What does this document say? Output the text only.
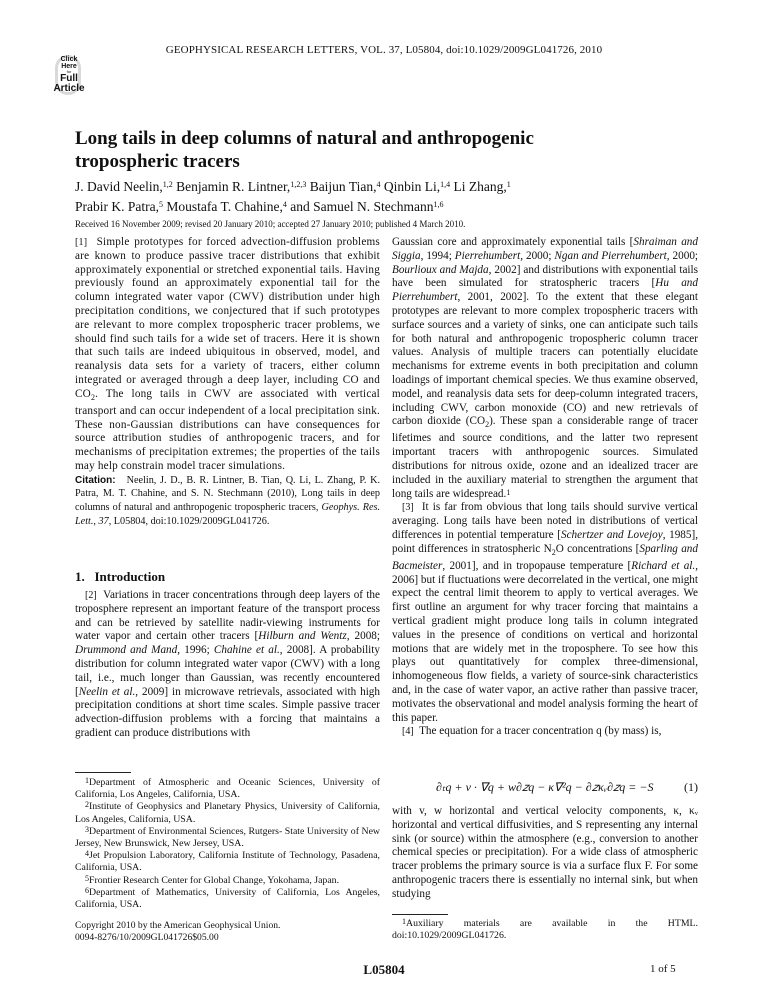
GEOPHYSICAL RESEARCH LETTERS, VOL. 37, L05804, doi:10.1029/2009GL041726, 2010
Click
Here
for
Full
Article
Long tails in deep columns of natural and anthropogenic
tropospheric tracers
J. David Neelin,$^{1,2}$ Benjamin R. Lintner,$^{1,2,3}$ Baijun Tian,$^4$ Qinbin Li,$^{1,4}$ Li Zhang,$^1$
Prabir K. Patra,$^5$ Moustafa T. Chahine,$^4$ and Samuel N. Stechmann$^{1,6}$
Received 16 November 2009; revised 20 January 2010; accepted 27 January 2010; published 4 March 2010.

[1] Simple prototypes for forced advection-diffusion problems are known to produce passive tracer distributions that exhibit approximately exponential or stretched exponential tails. Having previously found an approximately exponential tail for the column integrated water vapor (CWV) distribution under high precipitation conditions, we conjectured that if such prototypes are relevant to more complex tropospheric tracer problems, we should find such tails for a wide set of tracers. Here it is shown that such tails are indeed ubiquitous in observed, model, and reanalysis data sets for a variety of tracers, either column integrated or averaged through a deep layer, including CO and $CO_2$. The long tails in CWV are associated with vertical transport and can occur independent of a local precipitation sink. These non-Gaussian distributions can have consequences for source attribution studies of anthropogenic tracers, and for mechanisms of precipitation extremes; the properties of the tails may help constrain model tracer simulations.

Citation: Neelin, J. D., B. R. Lintner, B. Tian, Q. Li, L. Zhang, P. K. Patra, M. T. Chahine, and S. N. Stechmann (2010), Long tails in deep columns of natural and anthropogenic tropospheric tracers, Geophys. Res. Lett., 37, L05804, doi:10.1029/2009GL041726.

1. Introduction

[2] Variations in tracer concentrations through deep layers of the troposphere represent an important feature of the transport process and can be retrieved by satellite nadir-viewing instruments for water vapor and certain other tracers [Hilburn and Wentz, 2008; Drummond and Mand, 1996; Chahine et al., 2008]. A probability distribution for column integrated water vapor (CWV) with a long tail, i.e., much longer than Gaussian, was recently encountered [Neelin et al., 2009] in microwave retrievals, associated with high precipitation conditions at short time scales. Simple passive tracer advection-diffusion problems with a forcing that maintains a gradient can produce distributions with

$^1$Department of Atmospheric and Oceanic Sciences, University of California, Los Angeles, California, USA.
$^2$Institute of Geophysics and Planetary Physics, University of California, Los Angeles, California, USA.
$^3$Department of Environmental Sciences, Rutgers- State University of New Jersey, New Brunswick, New Jersey, USA.
$^4$Jet Propulsion Laboratory, California Institute of Technology, Pasadena, California, USA.
$^5$Frontier Research Center for Global Change, Yokohama, Japan.
$^6$Department of Mathematics, University of California, Los Angeles, California, USA.
Copyright 2010 by the American Geophysical Union.
0094-8276/10/2009GL041726$05.00

Gaussian core and approximately exponential tails [Shraiman and Siggia, 1994; Pierrehumbert, 2000; Ngan and Pierrehumbert, 2000; Bourlioux and Majda, 2002] and distributions with exponential tails have been simulated for stratospheric tracers [Hu and Pierrehumbert, 2001, 2002]. To the extent that these elegant prototypes are relevant to more complex tropospheric tracers with surface sources and a variety of sinks, one can anticipate such tails for both natural and anthropogenic tropospheric column tracer values. Analysis of multiple tracers can potentially elucidate mechanisms for extreme events in both precipitation and column loadings of important chemical species. We thus examine observed, model, and reanalysis data sets for deep-column integrated tracers, including CWV, carbon monoxide (CO) and new retrievals of carbon dioxide $(CO_2)$. These span a considerable range of tracer lifetimes and source conditions, and the latter two represent important tracers with anthropogenic sources. Simulated distributions for nitrous oxide, ozone and an idealized tracer are included in the auxiliary material to strengthen the argument that long tails are widespread.$^1$

[3] It is far from obvious that long tails should survive vertical averaging. Long tails have been noted in distributions of vertical differences in potential temperature [Schertzer and Lovejoy, 1985], point differences in stratospheric $N_2O$ concentrations [Sparling and Bacmeister, 2001], and in tropopause temperature [Richard et al., 2006] but if fluctuations were decorrelated in the vertical, one might expect the central limit theorem to apply to vertical averages. We first outline an argument for why tracer forcing that maintains a vertical gradient might produce long tails in column integrated values in the presence of conditions on vertical and horizontal motions that are widely met in the troposphere. To see how this plays out quantitatively for complex three-dimensional, inhomogeneous flow fields, a variety of source-sink characteristics and, in the case of water vapor, an active rather than passive tracer, motivates the observational and model analysis forming the heart of this paper.

[4] The equation for a tracer concentration q (by mass) is,

∂ₜq + v · ∇q + w∂𝑧q − κ∇²q − ∂𝑧κᵥ∂𝑧q = −S	(1)

with v, w horizontal and vertical velocity components, κ, κᵥ horizontal and vertical diffusivities, and S representing any internal sink (or source) within the atmosphere (e.g., conversion to another chemical species or precipitation). For a wide class of atmospheric tracer problems the primary source is via a surface flux F. For some anthropogenic tracers there is essentially no internal sink, but when studying

$^1$Auxiliary materials are available in the HTML. doi:10.1029/2009GL041726.
L05804	1 of 5
